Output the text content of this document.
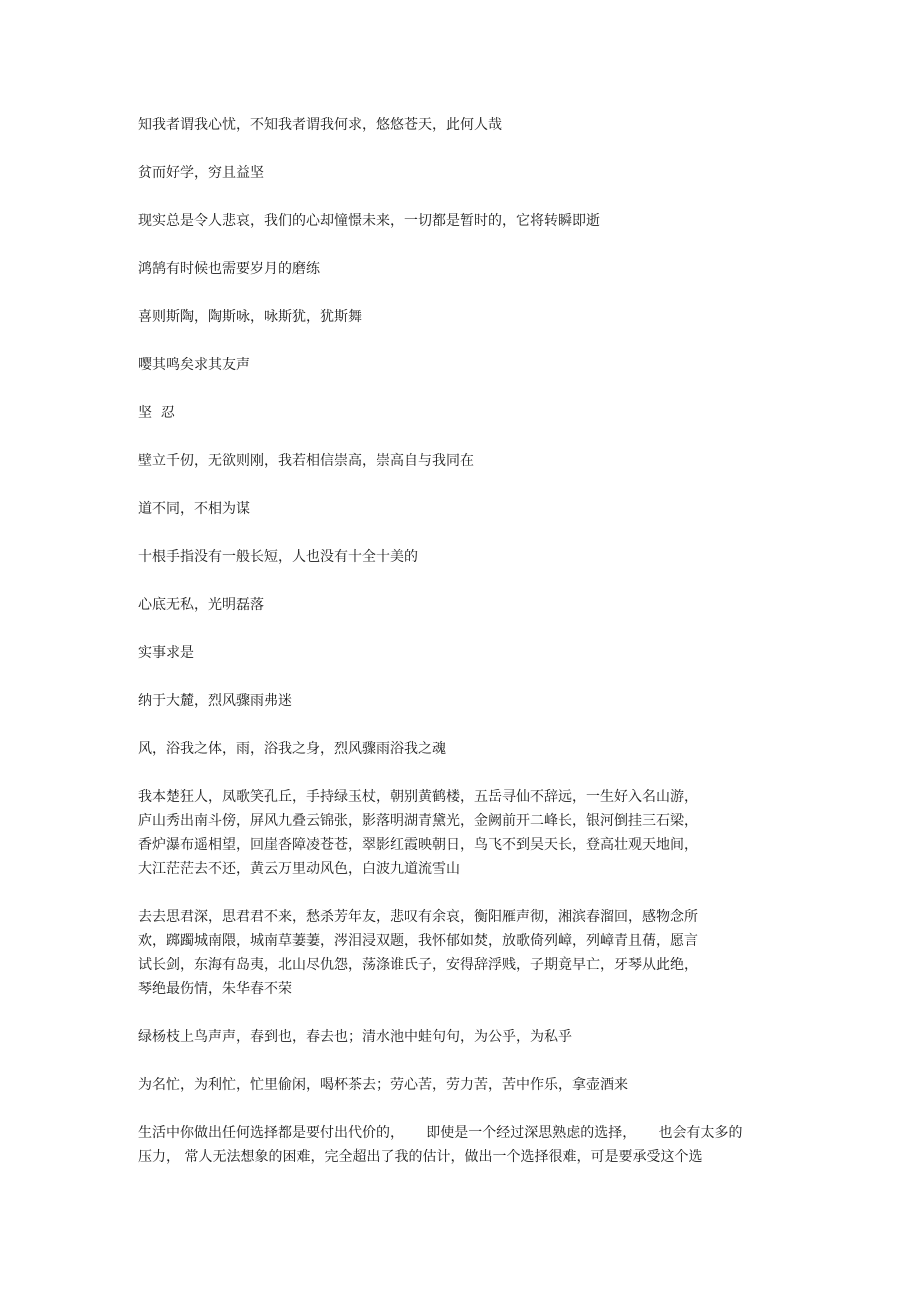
知我者谓我心忧，不知我者谓我何求，悠悠苍天，此何人哉

贫而好学，穷且益坚

现实总是令人悲哀，我们的心却憧憬未来，一切都是暂时的，它将转瞬即逝

鸿鹄有时候也需要岁月的磨练

喜则斯陶，陶斯咏，咏斯犹，犹斯舞

嘤其鸣矣求其友声

坚  忍

壁立千仞，无欲则刚，我若相信崇高，崇高自与我同在

道不同，不相为谋

十根手指没有一般长短，人也没有十全十美的

心底无私，光明磊落

实事求是

纳于大麓，烈风骤雨弗迷

风，浴我之体，雨，浴我之身，烈风骤雨浴我之魂

我本楚狂人，凤歌笑孔丘，手持绿玉杖，朝别黄鹤楼，五岳寻仙不辞远，一生好入名山游，
庐山秀出南斗傍，屏风九叠云锦张，影落明湖青黛光，金阙前开二峰长，银河倒挂三石梁，
香炉瀑布遥相望，回崖沓障凌苍苍，翠影红霞映朝日，鸟飞不到吴天长，登高壮观天地间，
大江茫茫去不还，黄云万里动风色，白波九道流雪山

去去思君深，思君君不来，愁杀芳年友，悲叹有余哀，衡阳雁声彻，湘滨春溜回，感物念所
欢，踯躅城南隈，城南草萋萋，涔泪浸双题，我怀郁如焚，放歌倚列嶂，列嶂青且蒨，愿言
试长剑，东海有岛夷，北山尽仇怨，荡涤谁氏子，安得辞浮贱，子期竟早亡，牙琴从此绝，
琴绝最伤情，朱华春不荣

绿杨枝上鸟声声，春到也，春去也；清水池中蛙句句，为公乎，为私乎

为名忙，为利忙，忙里偷闲，喝杯茶去；劳心苦，劳力苦，苦中作乐，拿壶酒来

生活中你做出任何选择都是要付出代价的，     即使是一个经过深思熟虑的选择，     也会有太多的
压力， 常人无法想象的困难，完全超出了我的估计，做出一个选择很难，可是要承受这个选
